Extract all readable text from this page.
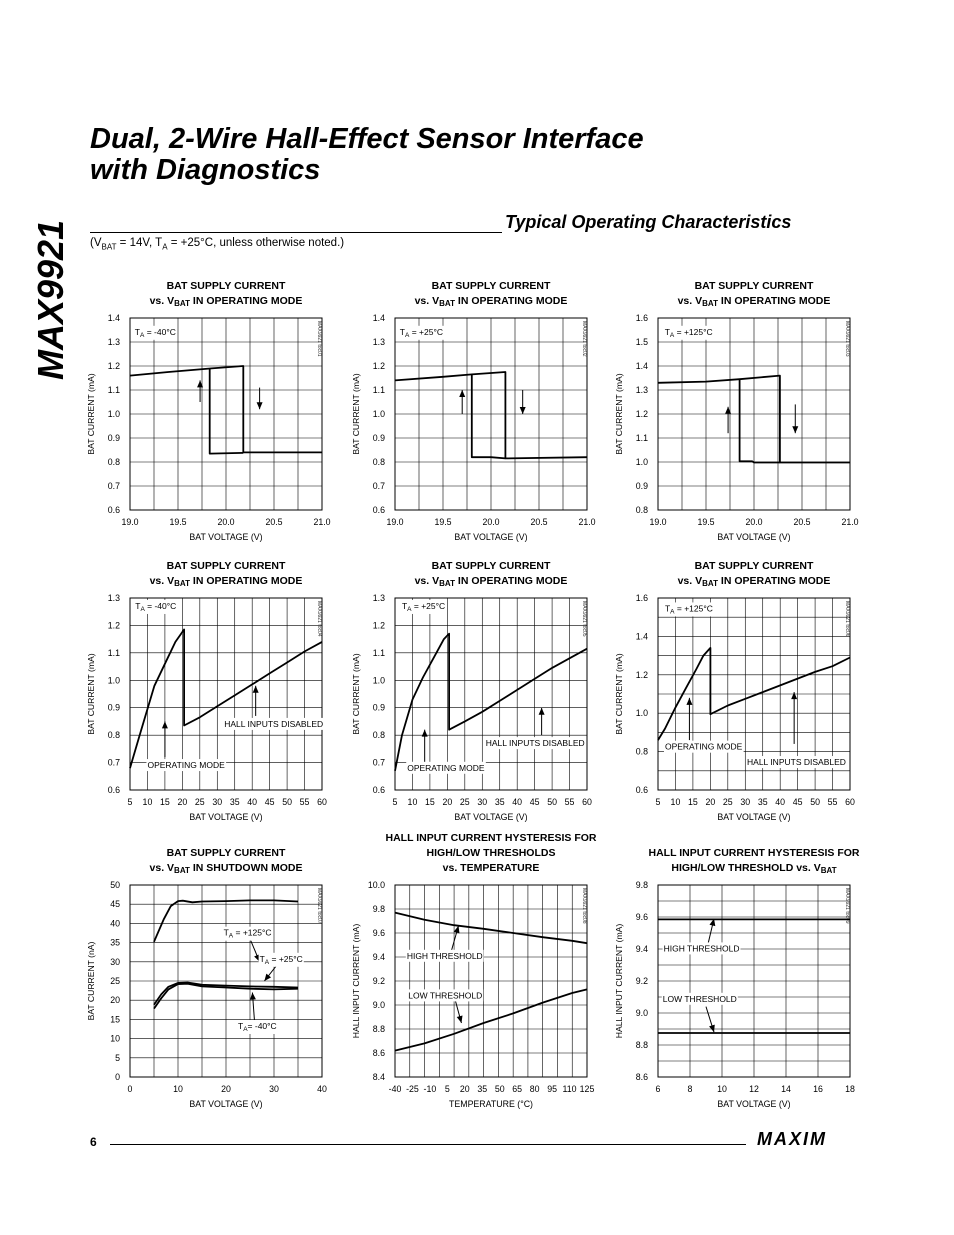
MAX9921
Dual, 2-Wire Hall-Effect Sensor Interface
with Diagnostics
Typical Operating Characteristics
($V_{BAT} = 14V$, $T_A = +25^\circ C$, unless otherwise noted.)
BAT SUPPLY CURRENT
vs. VBAT IN OPERATING MODE
19.0	19.5	20.0	20.5	21.0
0.6
0.7
0.8
0.9
1.0
1.1
1.2
1.3
1.4
BAT VOLTAGE (V)
BAT CURRENT (mA)
MAX9921 toc01
$T_A = -40^\circ C$
BAT SUPPLY CURRENT
vs. VBAT IN OPERATING MODE
19.0	19.5	20.0	20.5	21.0
0.6
0.7
0.8
0.9
1.0
1.1
1.2
1.3
1.4
BAT VOLTAGE (V)
BAT CURRENT (mA)
MAX9921 toc02
$T_A = +25^\circ C$
BAT SUPPLY CURRENT
vs. VBAT IN OPERATING MODE
19.0	19.5	20.0	20.5	21.0
0.8
0.9
1.0
1.1
1.2
1.3
1.4
1.5
1.6
BAT VOLTAGE (V)
BAT CURRENT (mA)
MAX9921 toc03
$T_A = +125^\circ C$
BAT SUPPLY CURRENT
vs. VBAT IN OPERATING MODE
5 10 15 20 25 30 35 40 45 50 55 60
0.6
0.7
0.8
0.9
1.0
1.1
1.2
1.3
BAT VOLTAGE (V)
BAT CURRENT (mA)
MAX9921 toc04
$T_A = -40^\circ C$
HALL INPUTS DISABLED
OPERATING MODE
BAT SUPPLY CURRENT
vs. VBAT IN OPERATING MODE
5 10 15 20 25 30 35 40 45 50 55 60
0.6
0.7
0.8
0.9
1.0
1.1
1.2
1.3
BAT VOLTAGE (V)
BAT CURRENT (mA)
MAX9921 toc05
$T_A = +25^\circ C$
HALL INPUTS DISABLED
OPERATING MODE
BAT SUPPLY CURRENT
vs. VBAT IN OPERATING MODE
5 10 15 20 25 30 35 40 45 50 55 60
0.6
0.8
1.0
1.2
1.4
1.6
BAT VOLTAGE (V)
BAT CURRENT (mA)
MAX9921 toc06
$T_A = +125^\circ C$
OPERATING MODE
HALL INPUTS DISABLED
BAT SUPPLY CURRENT
vs. VBAT IN SHUTDOWN MODE
0	10	20	30	40
0
5
10
15
20
25
30
35
40
45
50
BAT VOLTAGE (V)
BAT CURRENT (nA)
MAX9921 toc07
$T_A = +125^\circ C$
$T_A = +25^\circ C$
$T_A= -40^\circ C$
HALL INPUT CURRENT HYSTERESIS FOR
HIGH/LOW THRESHOLDS
vs. TEMPERATURE
-40 -25 -10 5 20 35 50 65 80 95 110 125
8.4
8.6
8.8
9.0
9.2
9.4
9.6
9.8
10.0
TEMPERATURE (°C)
HALL INPUT CURRENT (mA)
MAX9921 toc08
HIGH THRESHOLD
LOW THRESHOLD
HALL INPUT CURRENT HYSTERESIS FOR
HIGH/LOW THRESHOLD vs. VBAT
6	8	10	12	14	16	18
8.6
8.8
9.0
9.2
9.4
9.6
9.8
BAT VOLTAGE (V)
HALL INPUT CURRENT (mA)
MAX9921 toc09
HIGH THRESHOLD
LOW THRESHOLD
6	MAXIM
